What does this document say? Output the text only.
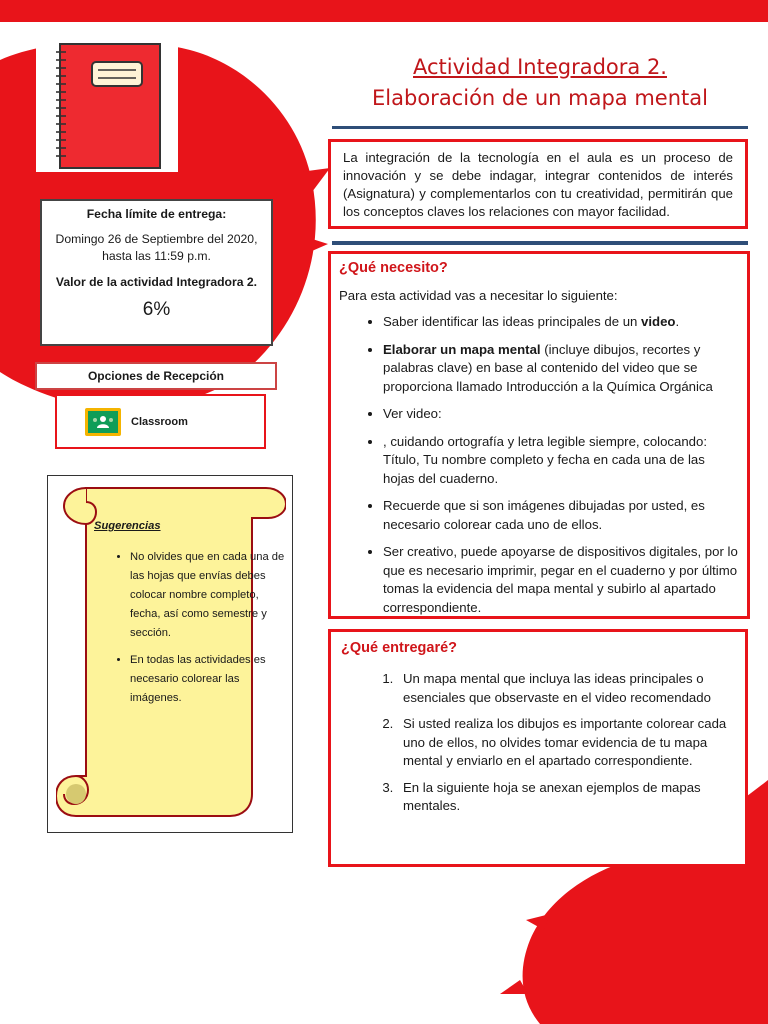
Actividad Integradora 2.
Elaboración de un mapa mental
La integración de la tecnología en el aula es un proceso de innovación y se debe indagar, integrar contenidos de interés (Asignatura) y complementarlos con tu creatividad, permitirán que los conceptos claves los relaciones con mayor facilidad.
Fecha límite de entrega:
Domingo 26 de Septiembre del 2020, hasta las 11:59 p.m.
Valor de la actividad Integradora 2.
6%
Opciones de Recepción
Classroom
Sugerencias
• No olvides que en cada una de las hojas que envías debes colocar nombre completo, fecha, así como semestre y sección.
• En todas las actividades es necesario colorear las imágenes.
¿Qué necesito?
Para esta actividad vas a necesitar lo siguiente:
• Saber identificar las ideas principales de un video.
• Elaborar un mapa mental (incluye dibujos, recortes y palabras clave) en base al contenido del video que se proporciona llamado Introducción a la Química Orgánica
• Ver video:
• , cuidando ortografía y letra legible siempre, colocando: Título, Tu nombre completo y fecha en cada una de las hojas del cuaderno.
• Recuerde que si son imágenes dibujadas por usted, es necesario colorear cada uno de ellos.
• Ser creativo, puede apoyarse de dispositivos digitales, por lo que es necesario imprimir, pegar en el cuaderno y por último tomas la evidencia del mapa mental y subirlo al apartado correspondiente.
¿Qué entregaré?
1. Un mapa mental que incluya las ideas principales o esenciales que observaste en el video recomendado
2. Si usted realiza los dibujos es importante colorear cada uno de ellos, no olvides tomar evidencia de tu mapa mental y enviarlo en el apartado correspondiente.
3. En la siguiente hoja se anexan ejemplos de mapas mentales.
